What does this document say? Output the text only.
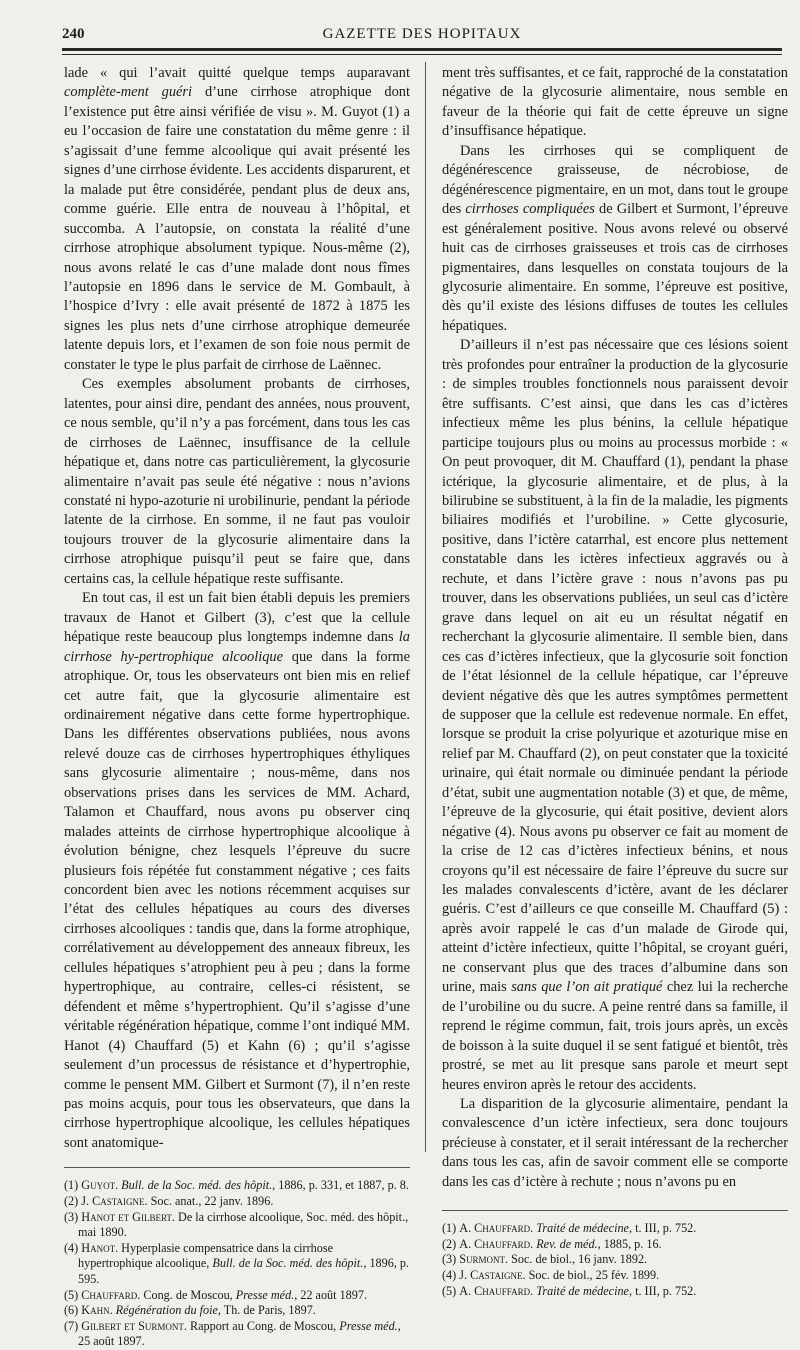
240	GAZETTE DES HOPITAUX

lade « qui l’avait quitté quelque temps auparavant complète-ment guéri d’une cirrhose atrophique dont l’existence put être ainsi vérifiée de visu ». M. Guyot (1) a eu l’occasion de faire une constatation du même genre : il s’agissait d’une femme alcoolique qui avait présenté les signes d’une cirrhose évidente. Les accidents disparurent, et la malade put être considérée, pendant plus de deux ans, comme guérie. Elle entra de nouveau à l’hôpital, et succomba. A l’autopsie, on constata la réalité d’une cirrhose atrophique absolument typique. Nous-même (2), nous avons relaté le cas d’une malade dont nous fîmes l’autopsie en 1896 dans le service de M. Gombault, à l’hospice d’Ivry : elle avait présenté de 1872 à 1875 les signes les plus nets d’une cirrhose atrophique demeurée latente depuis lors, et l’examen de son foie nous permit de constater le type le plus parfait de cirrhose de Laënnec.

Ces exemples absolument probants de cirrhoses, latentes, pour ainsi dire, pendant des années, nous prouvent, ce nous semble, qu’il n’y a pas forcément, dans tous les cas de cirrhoses de Laënnec, insuffisance de la cellule hépatique et, dans notre cas particulièrement, la glycosurie alimentaire n’avait pas seule été négative : nous n’avions constaté ni hypo-azoturie ni urobilinurie, pendant la période latente de la cirrhose. En somme, il ne faut pas vouloir toujours trouver de la glycosurie alimentaire dans la cirrhose atrophique puisqu’il peut se faire que, dans certains cas, la cellule hépatique reste suffisante.

En tout cas, il est un fait bien établi depuis les premiers travaux de Hanot et Gilbert (3), c’est que la cellule hépatique reste beaucoup plus longtemps indemne dans la cirrhose hy-pertrophique alcoolique que dans la forme atrophique. Or, tous les observateurs ont bien mis en relief cet autre fait, que la glycosurie alimentaire est ordinairement négative dans cette forme hypertrophique. Dans les différentes observations publiées, nous avons relevé douze cas de cirrhoses hypertrophiques éthyliques sans glycosurie alimentaire ; nous-même, dans nos observations prises dans les services de MM. Achard, Talamon et Chauffard, nous avons pu observer cinq malades atteints de cirrhose hypertrophique alcoolique à évolution bénigne, chez lesquels l’épreuve du sucre plusieurs fois répétée fut constamment négative ; ces faits concordent bien avec les notions récemment acquises sur l’état des cellules hépatiques au cours des diverses cirrhoses alcooliques : tandis que, dans la forme atrophique, corrélativement au développement des anneaux fibreux, les cellules hépatiques s’atrophient peu à peu ; dans la forme hypertrophique, au contraire, celles-ci résistent, se défendent et même s’hypertrophient. Qu’il s’agisse d’une véritable régénération hépatique, comme l’ont indiqué MM. Hanot (4) Chauffard (5) et Kahn (6) ; qu’il s’agisse seulement d’un processus de résistance et d’hypertrophie, comme le pensent MM. Gilbert et Surmont (7), il n’en reste pas moins acquis, pour tous les observateurs, que dans la cirrhose hypertrophique alcoolique, les cellules hépatiques sont anatomique-

(1) Guyot. Bull. de la Soc. méd. des hôpit., 1886, p. 331, et 1887, p. 8.
(2) J. Castaigne. Soc. anat., 22 janv. 1896.
(3) Hanot et Gilbert. De la cirrhose alcoolique, Soc. méd. des hôpit., mai 1890.
(4) Hanot. Hyperplasie compensatrice dans la cirrhose hypertrophique alcoolique, Bull. de la Soc. méd. des hôpit., 1896, p. 595.
(5) Chauffard. Cong. de Moscou, Presse méd., 22 août 1897.
(6) Kahn. Régénération du foie, Th. de Paris, 1897.
(7) Gilbert et Surmont. Rapport au Cong. de Moscou, Presse méd., 25 août 1897.

ment très suffisantes, et ce fait, rapproché de la constatation négative de la glycosurie alimentaire, nous semble en faveur de la théorie qui fait de cette épreuve un signe d’insuffisance hépatique.

Dans les cirrhoses qui se compliquent de dégénérescence graisseuse, de nécrobiose, de dégénérescence pigmentaire, en un mot, dans tout le groupe des cirrhoses compliquées de Gilbert et Surmont, l’épreuve est généralement positive. Nous avons relevé ou observé huit cas de cirrhoses graisseuses et trois cas de cirrhoses pigmentaires, dans lesquelles on constata toujours de la glycosurie alimentaire. En somme, l’épreuve est positive, dès qu’il existe des lésions diffuses de toutes les cellules hépatiques.

D’ailleurs il n’est pas nécessaire que ces lésions soient très profondes pour entraîner la production de la glycosurie : de simples troubles fonctionnels nous paraissent devoir être suffisants. C’est ainsi, que dans les cas d’ictères infectieux même les plus bénins, la cellule hépatique participe toujours plus ou moins au processus morbide : « On peut provoquer, dit M. Chauffard (1), pendant la phase ictérique, la glycosurie alimentaire, et de plus, à la bilirubine se substituent, à la fin de la maladie, les pigments biliaires modifiés et l’urobiline. » Cette glycosurie, positive, dans l’ictère catarrhal, est encore plus nettement constatable dans les ictères infectieux aggravés ou à rechute, et dans l’ictère grave : nous n’avons pas pu trouver, dans les observations publiées, un seul cas d’ictère grave dans lequel on ait eu un résultat négatif en recherchant la glycosurie alimentaire. Il semble bien, dans ces cas d’ictères infectieux, que la glycosurie soit fonction de l’état lésionnel de la cellule hépatique, car l’épreuve devient négative dès que les autres symptômes permettent de supposer que la cellule est redevenue normale. En effet, lorsque se produit la crise polyurique et azoturique mise en relief par M. Chauffard (2), on peut constater que la toxicité urinaire, qui était normale ou diminuée pendant la période d’état, subit une augmentation notable (3) et que, de même, l’épreuve de la glycosurie, qui était positive, devient alors négative (4). Nous avons pu observer ce fait au moment de la crise de 12 cas d’ictères infectieux bénins, et nous croyons qu’il est nécessaire de faire l’épreuve du sucre sur les malades convalescents d’ictère, avant de les déclarer guéris. C’est d’ailleurs ce que conseille M. Chauffard (5) : après avoir rappelé le cas d’un malade de Girode qui, atteint d’ictère infectieux, quitte l’hôpital, se croyant guéri, ne conservant plus que des traces d’albumine dans son urine, mais sans que l’on ait pratiqué chez lui la recherche de l’urobiline ou du sucre. A peine rentré dans sa famille, il reprend le régime commun, fait, trois jours après, un excès de boisson à la suite duquel il se sent fatigué et bientôt, très prostré, se met au lit presque sans parole et meurt sept heures environ après le retour des accidents.

La disparition de la glycosurie alimentaire, pendant la convalescence d’un ictère infectieux, sera donc toujours précieuse à constater, et il serait intéressant de la rechercher dans tous les cas, afin de savoir comment elle se comporte dans les cas d’ictère à rechute ; nous n’avons pu en

(1) A. Chauffard. Traité de médecine, t. III, p. 752.
(2) A. Chauffard. Rev. de méd., 1885, p. 16.
(3) Surmont. Soc. de biol., 16 janv. 1892.
(4) J. Castaigne. Soc. de biol., 25 fév. 1899.
(5) A. Chauffard. Traité de médecine, t. III, p. 752.
